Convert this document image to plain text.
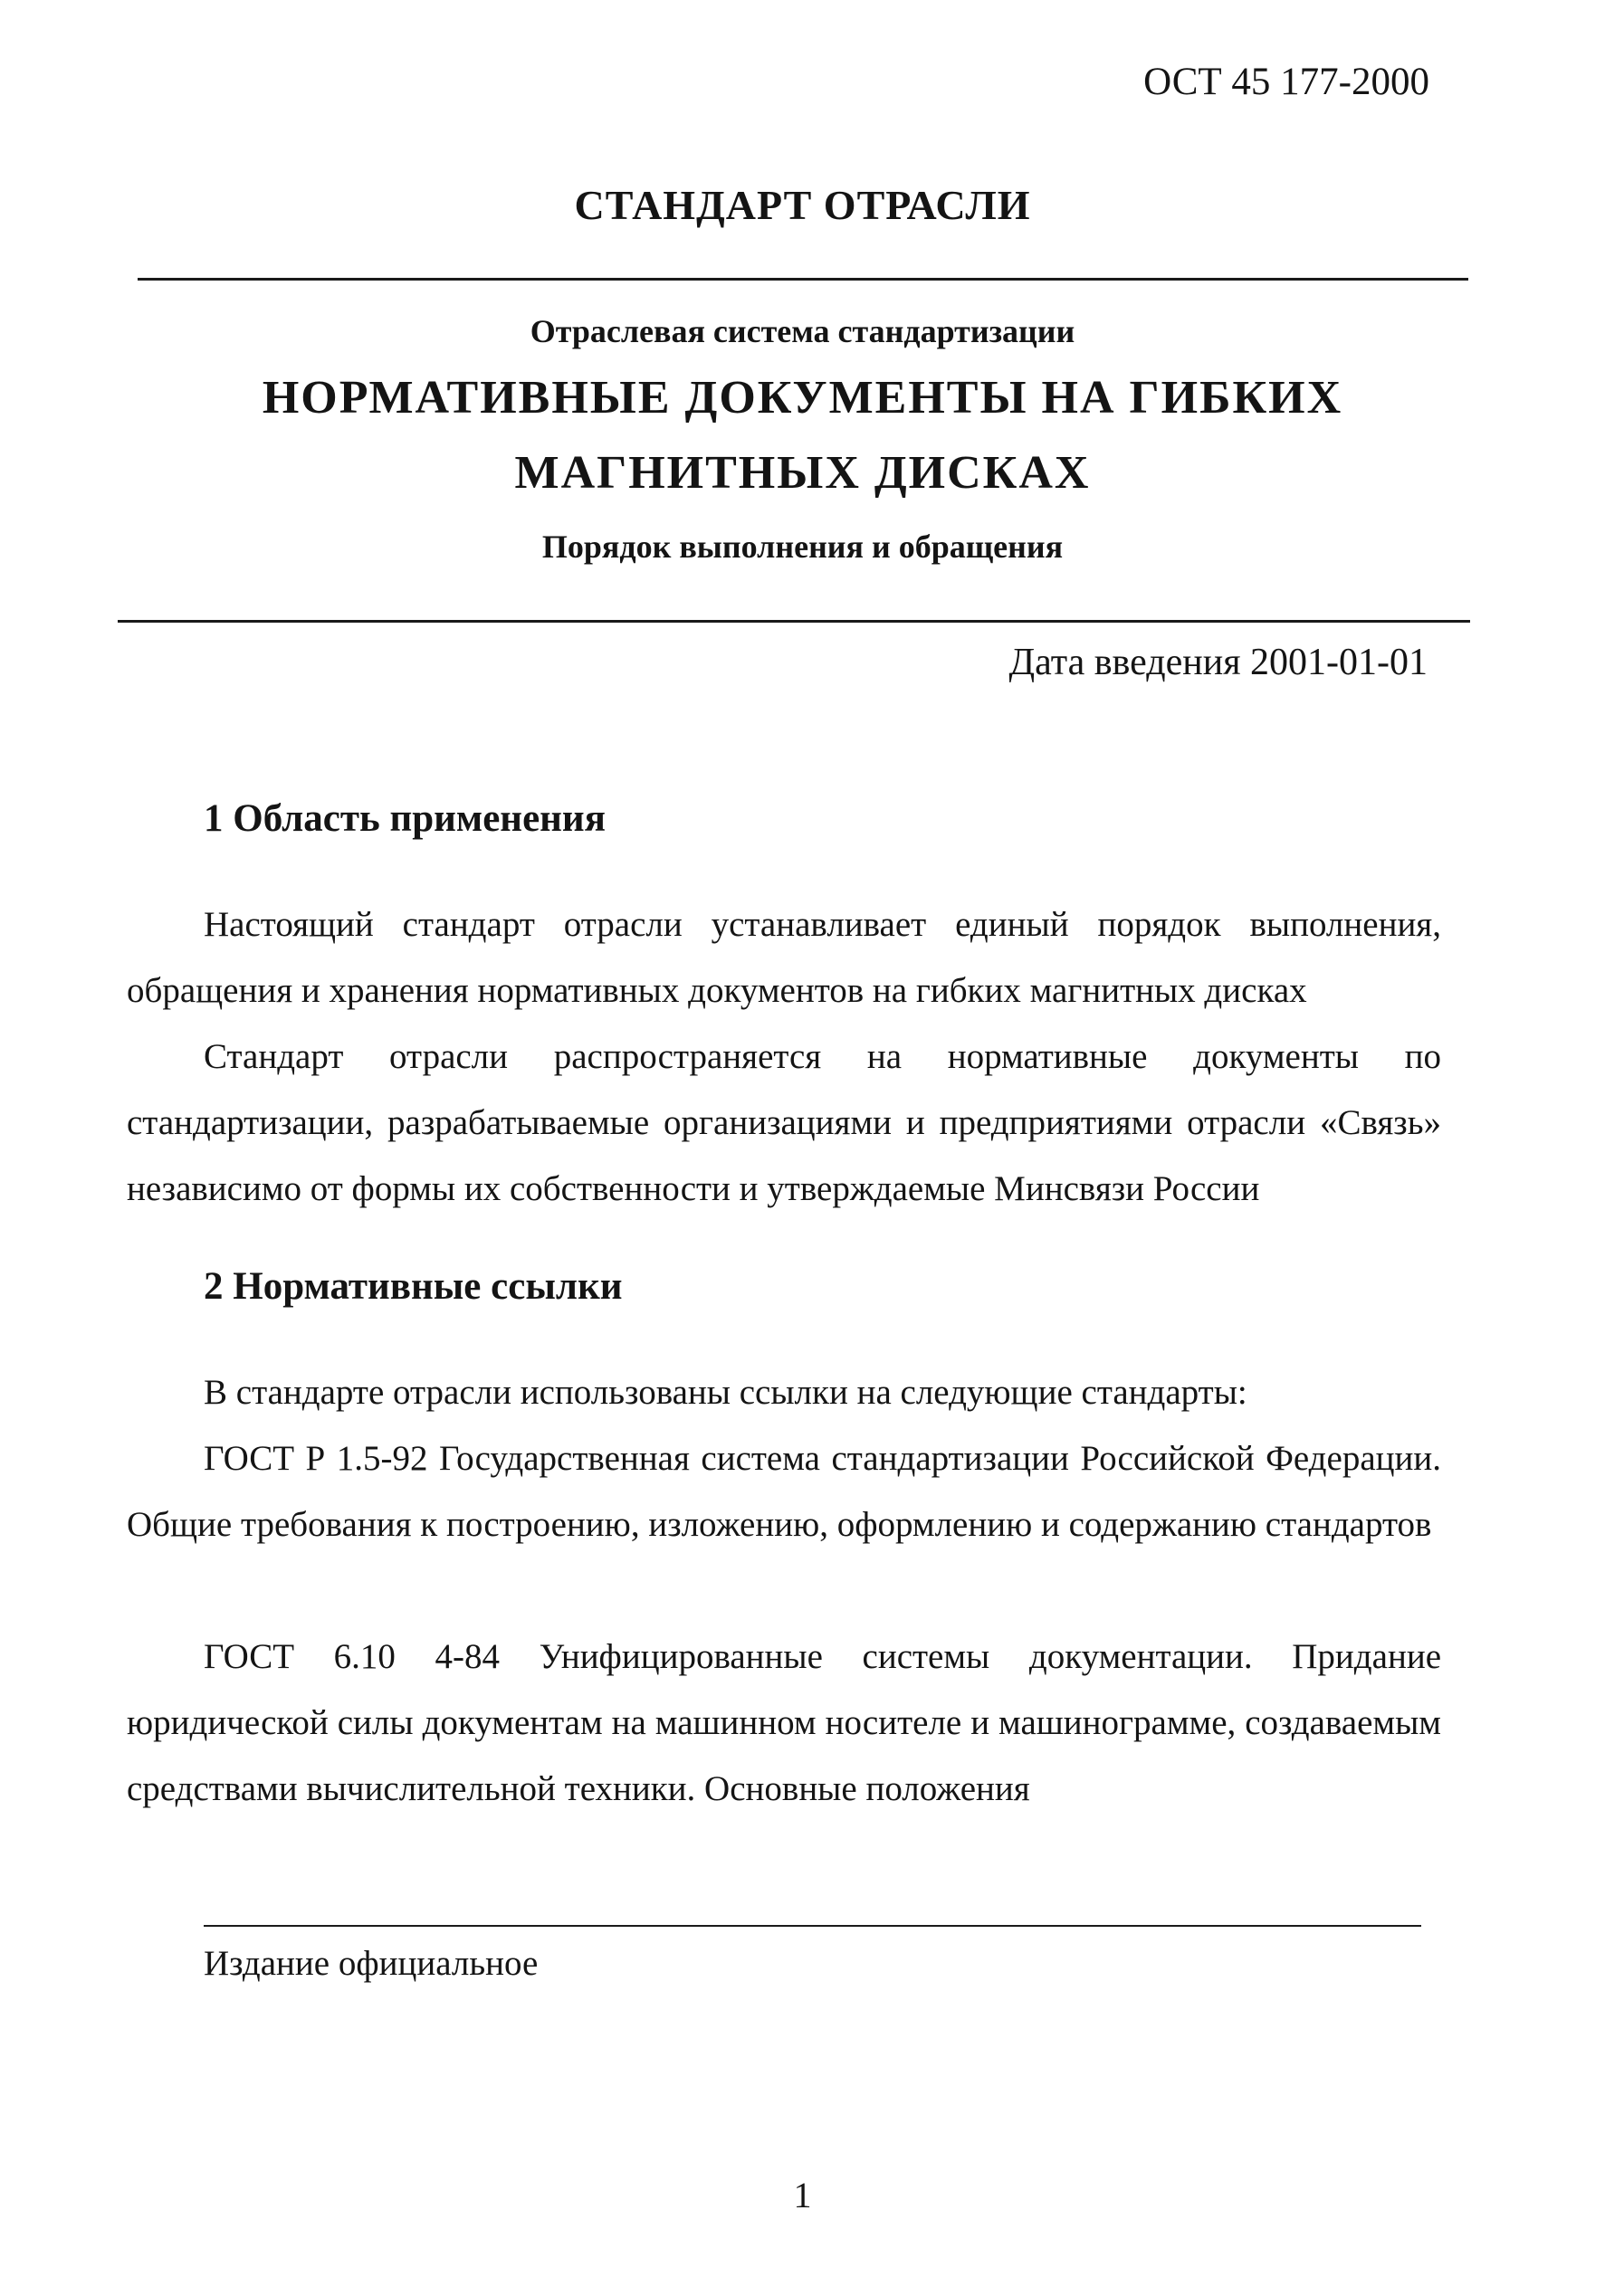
ОСТ 45 177-2000
СТАНДАРТ ОТРАСЛИ
Отраслевая система стандартизации
НОРМАТИВНЫЕ ДОКУМЕНТЫ НА ГИБКИХ
МАГНИТНЫХ ДИСКАХ
Порядок выполнения и обращения
Дата введения 2001-01-01
1 Область применения

Настоящий стандарт отрасли устанавливает единый порядок выполнения, обращения и хранения нормативных документов на гибких магнитных дисках

Стандарт отрасли распространяется на нормативные документы по стандартизации, разрабатываемые организациями и предприятиями отрасли «Связь» независимо от формы их собственности и утверждаемые Минсвязи России

2 Нормативные ссылки

В стандарте отрасли использованы ссылки на следующие стандарты:

ГОСТ Р 1.5-92 Государственная система стандартизации Российской Федерации. Общие требования к построению, изложению, оформлению и содержанию стандартов

ГОСТ 6.10 4-84 Унифицированные системы документации. Придание юридической силы документам на машинном носителе и машинограмме, создаваемым средствами вычислительной техники. Основные положения

Издание официальное
1
